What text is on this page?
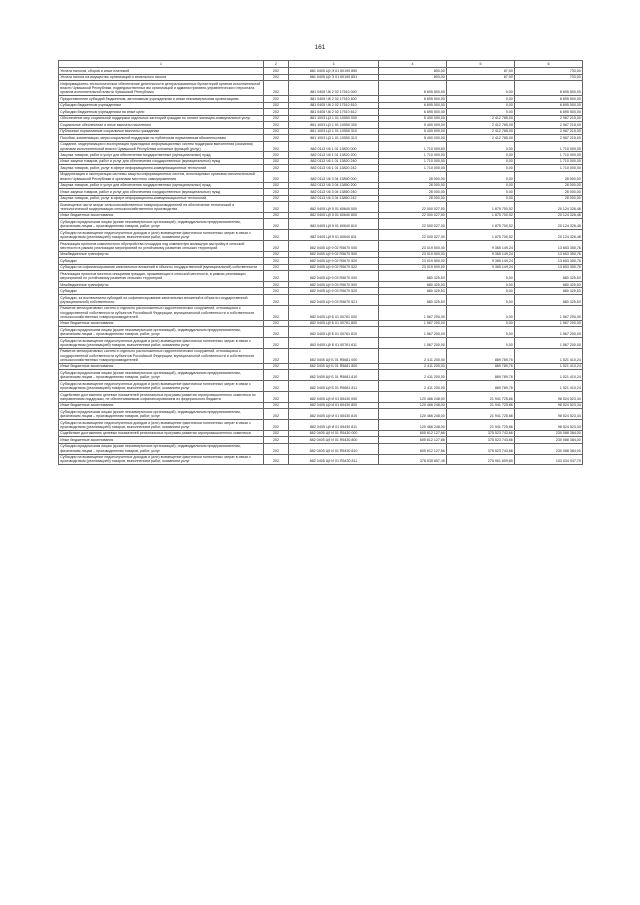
161
1	2	3	4	5	6
Уплата налогов, сборов и иных платежей	202	881 0405 Ц9 Э 01 60190 850	800,00	67,00	733,00
Уплата налога на имущество организаций и земельного налога	202	881 0405 Ц9 Э 01 60190 851	800,00	67,00	733,00
Информационно-технологическое обеспечение деятельности централизованных бухгалтерий органов исполнительной власти Чувашской Республики, подведомственных им организаций и административно-управленческого персонала органов исполнительной власти Чувашской Республики	202	881 0405 Ч6 2 02 17510 000	6 695 500,00	0,00	6 695 500,00
Предоставление субсидий бюджетным, автономным учреждениям и иным некоммерческим организациям	202	881 0405 Ч6 2 02 17510 600	6 695 500,00	0,00	6 695 500,00
Субсидии бюджетным учреждениям	202	881 0405 Ч6 2 02 17510 610	6 695 500,00	0,00	6 695 500,00
Субсидии бюджетным учреждениям на иные цели	202	881 0405 Ч6 2 02 17510 612	6 695 500,00	0,00	6 695 500,00
Обеспечение мер социальной поддержки отдельных категорий граждан по оплате жилищно-коммунальных услуг	202	881 1003 Ц3 1 01 10550 000	5 400 000,00	2 412 785,00	2 987 215,00
Социальное обеспечение и иные выплаты населению	202	881 1003 Ц3 1 01 10550 300	5 400 000,00	2 412 785,00	2 987 215,00
Публичные нормативные социальные выплаты гражданам	202	881 1003 Ц3 1 01 10550 310	5 400 000,00	2 412 785,00	2 987 215,00
Пособия, компенсации, меры социальной поддержки по публичным нормативным обязательствам	202	881 1003 Ц3 1 01 10550 313	5 400 000,00	2 412 785,00	2 987 215,00
Создание, модернизация и эксплуатация прикладных информационных систем поддержки выполнения (оказания) органами исполнительной власти Чувашской Республики основных функций (услуг)	202	882 0113 Ч6 1 01 13820 000	1 710 000,00	0,00	1 710 000,00
Закупка товаров, работ и услуг для обеспечения государственных (муниципальных) нужд	202	882 0113 Ч6 1 01 13820 200	1 710 000,00	0,00	1 710 000,00
Иные закупки товаров, работ и услуг для обеспечения государственных (муниципальных) нужд	202	882 0113 Ч6 1 01 13820 240	1 710 000,00	0,00	1 710 000,00
Закупка товаров, работ, услуг в сфере информационно-коммуникационных технологий	202	882 0113 Ч6 1 01 13820 242	1 710 000,00	0,00	1 710 000,00
Модернизация и эксплуатация системы защиты информационных систем, используемых органами исполнительной власти Чувашской Республики и органами местного самоуправления	202	882 0113 Ч6 3 04 13850 000	28 000,00	0,00	28 000,00
Закупка товаров, работ и услуг для обеспечения государственных (муниципальных) нужд	202	882 0113 Ч6 3 04 13850 200	28 000,00	0,00	28 000,00
Иные закупки товаров, работ и услуг для обеспечения государственных (муниципальных) нужд	202	882 0113 Ч6 3 04 13850 240	28 000,00	0,00	28 000,00
Закупка товаров, работ, услуг в сфере информационно-коммуникационных технологий	202	882 0113 Ч6 3 04 13850 242	28 000,00	0,00	28 000,00
Возмещение части затрат сельскохозяйственных товаропроизводителей на обеспечение технической и технологической модернизации сельскохозяйственного производства	202	882 0405 Ц9 5 01 60640 000	22 000 027,00	1 875 700,52	20 124 326,48
Иные бюджетные ассигнования	202	882 0405 Ц9 5 01 60640 800	22 000 027,00	1 875 700,52	20 124 326,48
Субсидии юридическим лицам (кроме некоммерческих организаций), индивидуальным предпринимателям, физическим лицам – производителям товаров, работ, услуг	202	882 0405 Ц9 5 01 60640 810	22 000 027,00	1 875 700,52	20 124 326,48
Субсидии на возмещение недополученных доходов и (или) возмещение фактически понесенных затрат в связи с производством (реализацией) товаров, выполнением работ, оказанием услуг	202	882 0405 Ц9 5 01 60640 811	22 000 027,00	1 875 700,52	20 124 326,48
Реализация проектов комплексного обустройства площадок под компактную жилищную застройку в сельской местности в рамках реализации мероприятий по устойчивому развитию сельских территорий	202	882 0405 Ц9 9 02 R5670 000	23 019 500,00	9 365 149,24	13 653 350,76
Межбюджетные трансферты	202	882 0405 Ц9 9 02 R5670 500	23 019 500,00	9 365 149,24	13 653 350,76
Субсидии	202	882 0405 Ц9 9 02 R5670 520	23 019 500,00	9 365 149,24	13 653 350,76
Субсидии на софинансирование капитальных вложений в объекты государственной (муниципальной) собственности	202	882 0405 Ц9 9 02 R5670 522	23 019 500,00	9 365 149,24	13 653 350,76
Реализация проектов местных инициатив граждан, проживающих в сельской местности, в рамках реализации мероприятий по устойчивому развитию сельских территорий	202	882 0405 Ц9 9 03 R5670 000	680 425,53	0,00	680 425,53
Межбюджетные трансферты	202	882 0405 Ц9 9 03 R5670 500	680 425,53	0,00	680 425,53
Субсидии	202	882 0405 Ц9 9 03 R5670 520	680 425,53	0,00	680 425,53
Субсидии, за исключением субсидий на софинансирование капитальных вложений в объекты государственной (муниципальной) собственности	202	882 0405 Ц9 9 03 R5670 521	680 425,53	0,00	680 425,53
Развитие мелиоративных систем и отдельно расположенных гидротехнических сооружений, относящихся к государственной собственности субъектов Российской Федерации, муниципальной собственности и собственности сельскохозяйственных товаропроизводителей	202	882 0405 Ц9 Б 01 00761 000	1 567 200,00	0,00	1 567 200,00
Иные бюджетные ассигнования	202	882 0405 Ц9 Б 01 00761 800	1 567 200,00	0,00	1 567 200,00
Субсидии юридическим лицам (кроме некоммерческих организаций), индивидуальным предпринимателям, физическим лицам – производителям товаров, работ, услуг	202	882 0405 Ц9 Б 01 00761 810	1 567 200,00	0,00	1 567 200,00
Субсидии на возмещение недополученных доходов и (или) возмещение фактически понесенных затрат в связи с производством (реализацией) товаров, выполнением работ, оказанием услуг	202	882 0405 Ц9 Б 01 00761 811	1 567 200,00	0,00	1 567 200,00
Развитие мелиоративных систем и отдельно расположенных гидротехнических сооружений, относящихся к государственной собственности субъектов Российской Федерации, муниципальной собственности и собственности сельскохозяйственных товаропроизводителей	202	882 0405 Ц9 Б 01 R5681 000	2 411 200,00	889 789,76	1 521 410,24
Иные бюджетные ассигнования	202	882 0405 Ц9 Б 01 R5681 800	2 411 200,00	889 789,76	1 521 410,24
Субсидии юридическим лицам (кроме некоммерческих организаций), индивидуальным предпринимателям, физическим лицам – производителям товаров, работ, услуг	202	882 0405 Ц9 Б 01 R5681 810	2 411 200,00	889 789,76	1 521 410,24
Субсидии на возмещение недополученных доходов и (или) возмещение фактически понесенных затрат в связи с производством (реализацией) товаров, выполнением работ, оказанием услуг	202	882 0405 Ц9 Б 01 R5681 811	2 411 200,00	889 789,76	1 521 410,24
Содействие достижению целевых показателей региональных программ развития агропромышленного комплекса по направлениям поддержки, не обеспечиваемым софинансированием из федерального бюджета	202	882 0405 Ц9 И 01 65430 000	120 466 248,00	21 941 725,66	98 524 523,34
Иные бюджетные ассигнования	202	882 0405 Ц9 И 01 65430 800	120 466 248,00	21 941 725,66	98 524 523,34
Субсидии юридическим лицам (кроме некоммерческих организаций), индивидуальным предпринимателям, физическим лицам – производителям товаров, работ, услуг	202	882 0405 Ц9 И 01 65430 810	120 466 248,00	21 941 725,66	98 524 523,34
Субсидии на возмещение недополученных доходов и (или) возмещение фактически понесенных затрат в связи с производством (реализацией) товаров, выполнением работ, оказанием услуг	202	882 0405 Ц9 И 01 65430 811	120 466 248,00	21 941 725,66	98 524 523,34
Содействие достижению целевых показателей региональных программ развития агропромышленного комплекса	202	882 0405 Ц9 И 01 R5430 000	605 612 127,66	375 523 743,66	230 088 384,00
Иные бюджетные ассигнования	202	882 0405 Ц9 И 01 R5430 800	605 612 127,66	375 523 743,66	230 088 384,00
Субсидии юридическим лицам (кроме некоммерческих организаций), индивидуальным предпринимателям, физическим лицам – производителям товаров, работ, услуг	202	882 0405 Ц9 И 01 R5430 810	605 612 127,66	375 523 743,66	230 088 384,00
Субсидии на возмещение недополученных доходов и (или) возмещение фактически понесенных затрат в связи с производством (реализацией) товаров, выполнением работ, оказанием услуг	202	882 0405 Ц9 И 01 R5430 811	378 935 657,45	275 901 609,65	103 034 047,79
